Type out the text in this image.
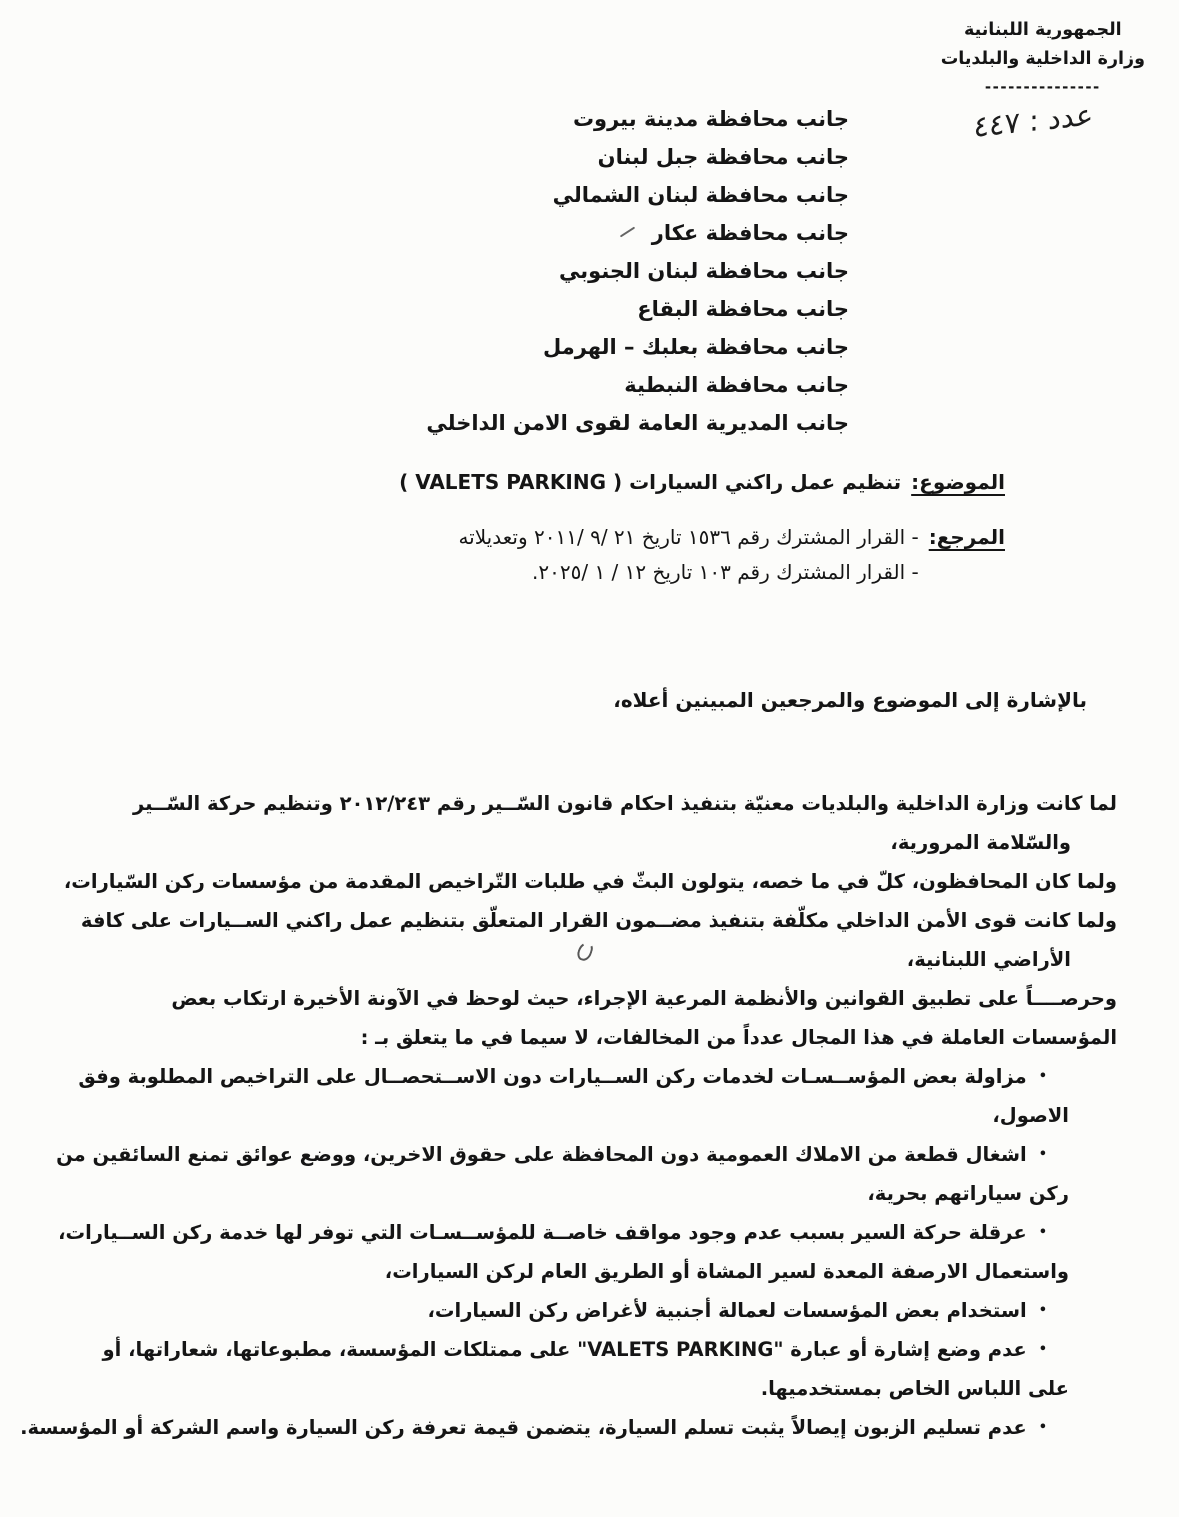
الجمهورية اللبنانية
وزارة الداخلية والبلديات
---------------
عدد : ٤٤٧
جانب محافظة مدينة بيروت
جانب محافظة جبل لبنان
جانب محافظة لبنان الشمالي
جانب محافظة عكار
جانب محافظة لبنان الجنوبي
جانب محافظة البقاع
جانب محافظة بعلبك – الهرمل
جانب محافظة النبطية
جانب المديرية العامة لقوى الامن الداخلي
الموضوع:
تنظيم عمل راكني السيارات ( VALETS PARKING )
المرجع:
- القرار المشترك رقم ١٥٣٦ تاريخ ٢١ /٩ /٢٠١١ وتعديلاته
- القرار المشترك رقم ١٠٣ تاريخ ١٢ / ١ /٢٠٢٥.
بالإشارة إلى الموضوع والمرجعين المبينين أعلاه،
لما كانت وزارة الداخلية والبلديات معنيّة بتنفيذ احكام قانون السّــير رقم ٢٠١٢/٢٤٣ وتنظيم حركة السّــير
والسّلامة المرورية،
ولما كان المحافظون، كلّ في ما خصه، يتولون البثّ في طلبات التّراخيص المقدمة من مؤسسات ركن السّيارات،
ولما كانت قوى الأمن الداخلي مكلّفة بتنفيذ مضــمون القرار المتعلّق بتنظيم عمل راكني الســيارات على كافة
الأراضي اللبنانية،
وحرصــــاً على تطبيق القوانين والأنظمة المرعية الإجراء، حيث لوحظ في الآونة الأخيرة ارتكاب بعض
المؤسسات العاملة في هذا المجال عدداً من المخالفات، لا سيما في ما يتعلق بـ :
•مزاولة بعض المؤســسـات لخدمات ركن الســيارات دون الاســتحصــال على التراخيص المطلوبة وفق
الاصول،
•اشغال قطعة من الاملاك العمومية دون المحافظة على حقوق الاخرين، ووضع عوائق تمنع السائقين من
ركن سياراتهم بحرية،
•عرقلة حركة السير بسبب عدم وجود مواقف خاصــة للمؤســسـات التي توفر لها خدمة ركن الســيارات،
واستعمال الارصفة المعدة لسير المشاة أو الطريق العام لركن السيارات،
•استخدام بعض المؤسسات لعمالة أجنبية لأغراض ركن السيارات،
•عدم وضع إشارة أو عبارة "VALETS PARKING" على ممتلكات المؤسسة، مطبوعاتها، شعاراتها، أو
على اللباس الخاص بمستخدميها.
•عدم تسليم الزبون إيصالاً يثبت تسلم السيارة، يتضمن قيمة تعرفة ركن السيارة واسم الشركة أو المؤسسة.
